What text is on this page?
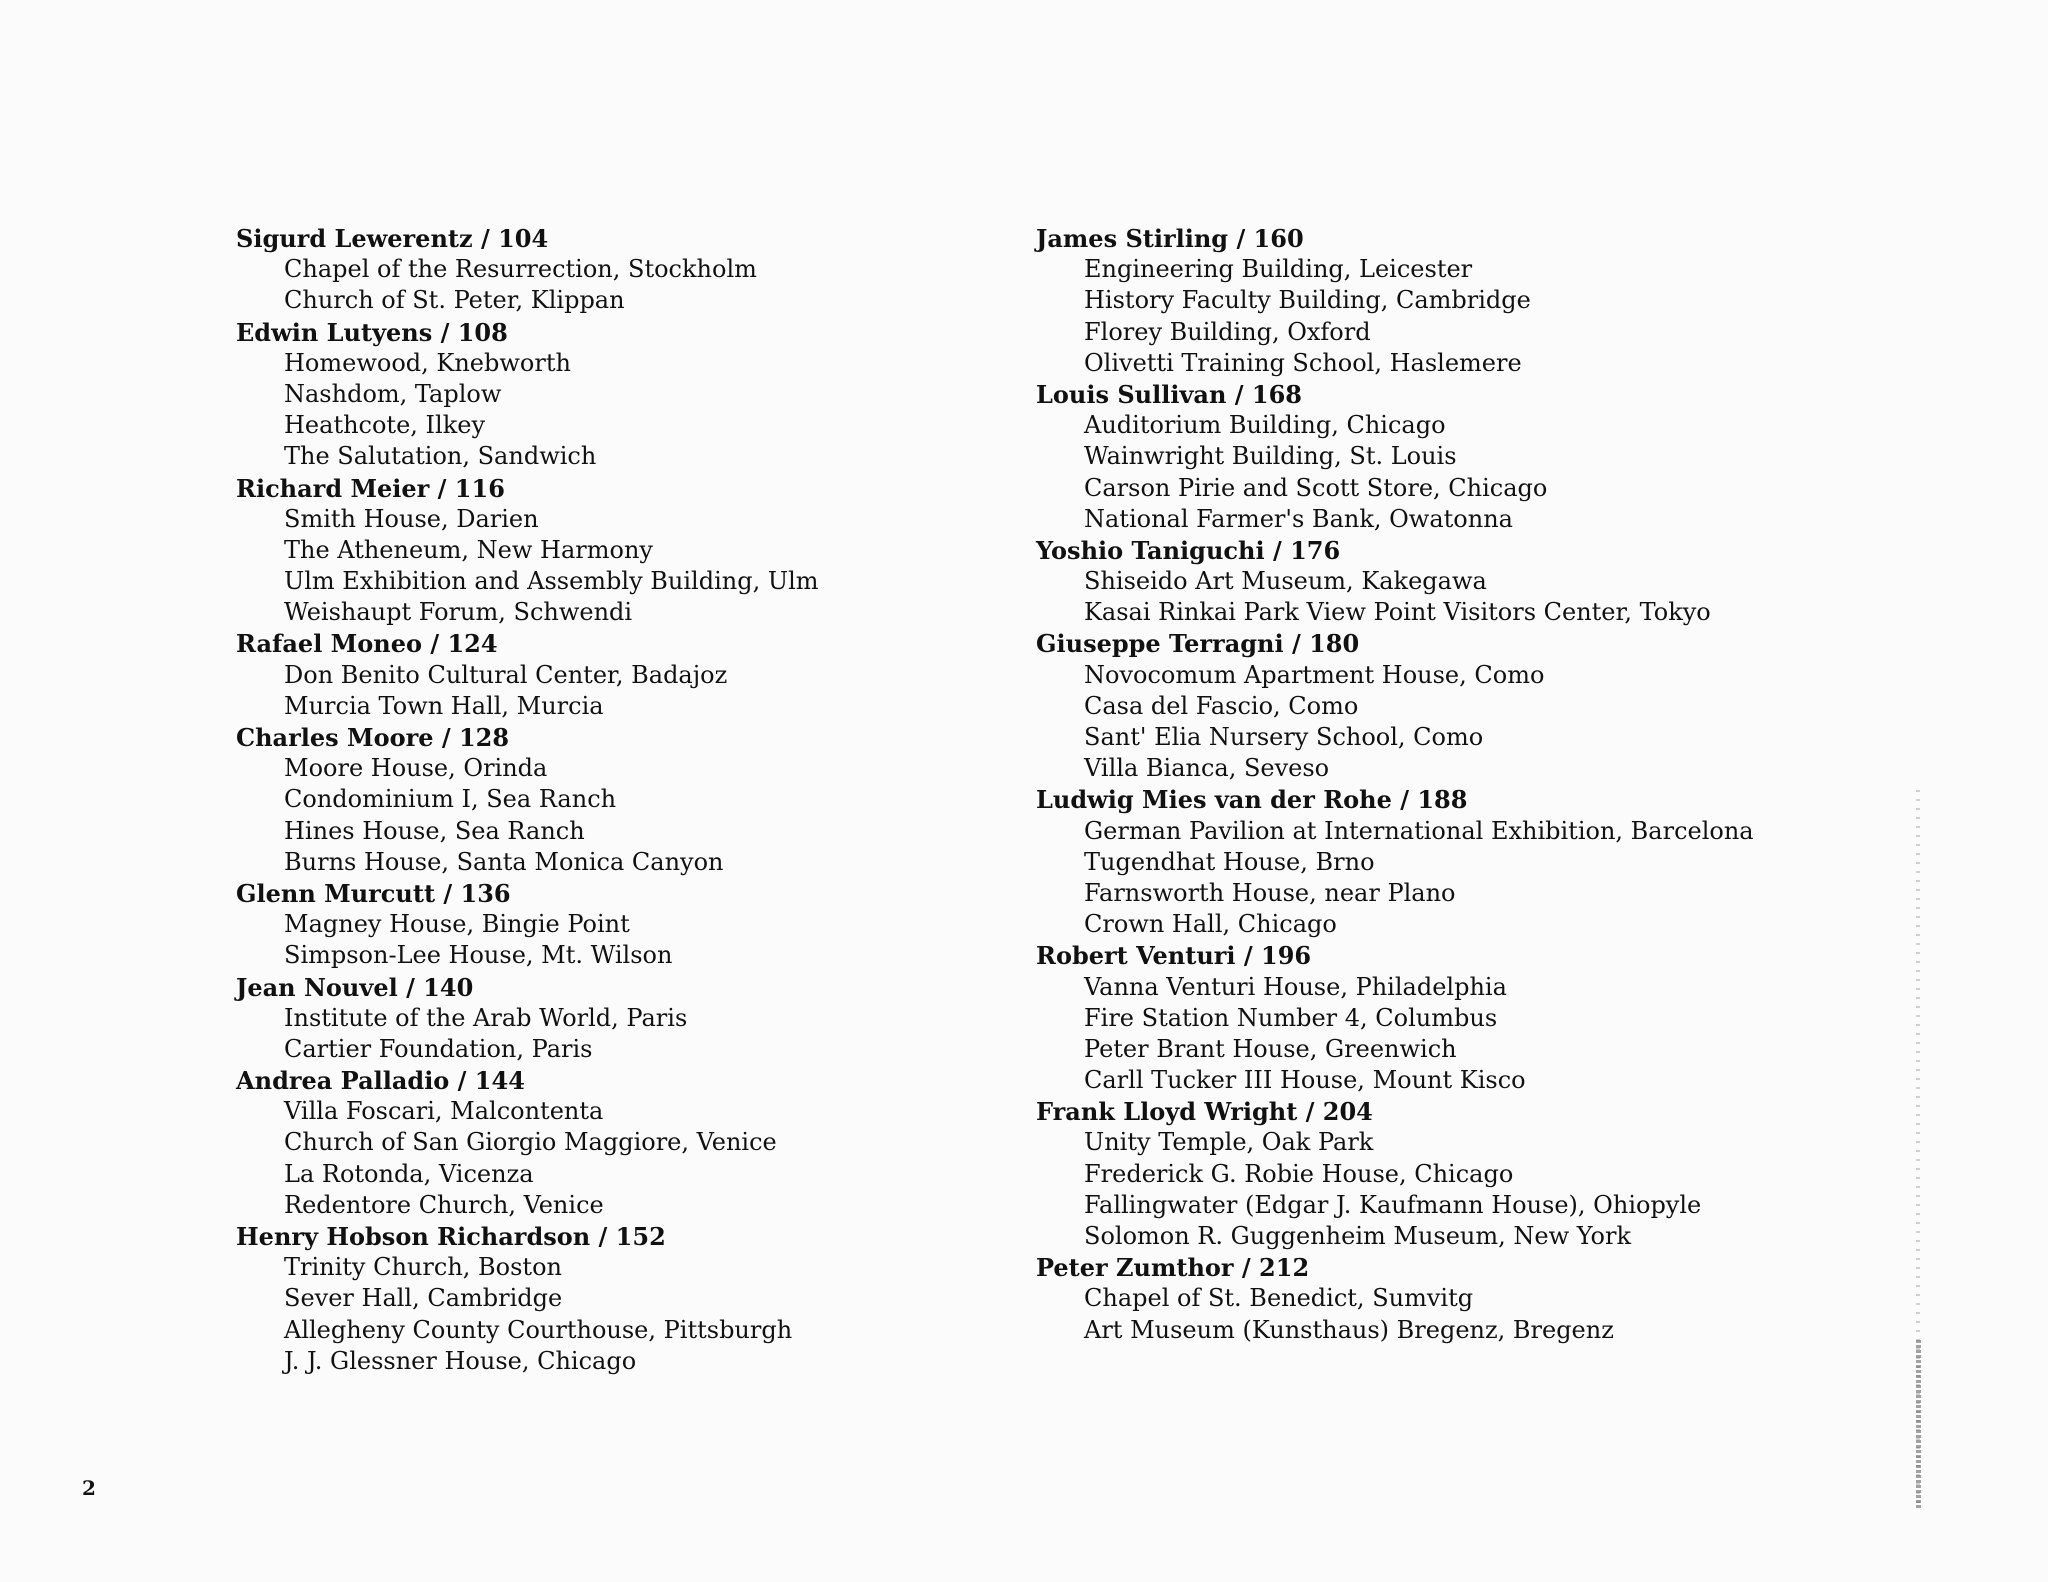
Sigurd Lewerentz / 104
Chapel of the Resurrection, Stockholm
Church of St. Peter, Klippan
Edwin Lutyens / 108
Homewood, Knebworth
Nashdom, Taplow
Heathcote, Ilkey
The Salutation, Sandwich
Richard Meier / 116
Smith House, Darien
The Atheneum, New Harmony
Ulm Exhibition and Assembly Building, Ulm
Weishaupt Forum, Schwendi
Rafael Moneo / 124
Don Benito Cultural Center, Badajoz
Murcia Town Hall, Murcia
Charles Moore / 128
Moore House, Orinda
Condominium I, Sea Ranch
Hines House, Sea Ranch
Burns House, Santa Monica Canyon
Glenn Murcutt / 136
Magney House, Bingie Point
Simpson-Lee House, Mt. Wilson
Jean Nouvel / 140
Institute of the Arab World, Paris
Cartier Foundation, Paris
Andrea Palladio / 144
Villa Foscari, Malcontenta
Church of San Giorgio Maggiore, Venice
La Rotonda, Vicenza
Redentore Church, Venice
Henry Hobson Richardson / 152
Trinity Church, Boston
Sever Hall, Cambridge
Allegheny County Courthouse, Pittsburgh
J. J. Glessner House, Chicago
James Stirling / 160
Engineering Building, Leicester
History Faculty Building, Cambridge
Florey Building, Oxford
Olivetti Training School, Haslemere
Louis Sullivan / 168
Auditorium Building, Chicago
Wainwright Building, St. Louis
Carson Pirie and Scott Store, Chicago
National Farmer's Bank, Owatonna
Yoshio Taniguchi / 176
Shiseido Art Museum, Kakegawa
Kasai Rinkai Park View Point Visitors Center, Tokyo
Giuseppe Terragni / 180
Novocomum Apartment House, Como
Casa del Fascio, Como
Sant' Elia Nursery School, Como
Villa Bianca, Seveso
Ludwig Mies van der Rohe / 188
German Pavilion at International Exhibition, Barcelona
Tugendhat House, Brno
Farnsworth House, near Plano
Crown Hall, Chicago
Robert Venturi / 196
Vanna Venturi House, Philadelphia
Fire Station Number 4, Columbus
Peter Brant House, Greenwich
Carll Tucker III House, Mount Kisco
Frank Lloyd Wright / 204
Unity Temple, Oak Park
Frederick G. Robie House, Chicago
Fallingwater (Edgar J. Kaufmann House), Ohiopyle
Solomon R. Guggenheim Museum, New York
Peter Zumthor / 212
Chapel of St. Benedict, Sumvitg
Art Museum (Kunsthaus) Bregenz, Bregenz
2
